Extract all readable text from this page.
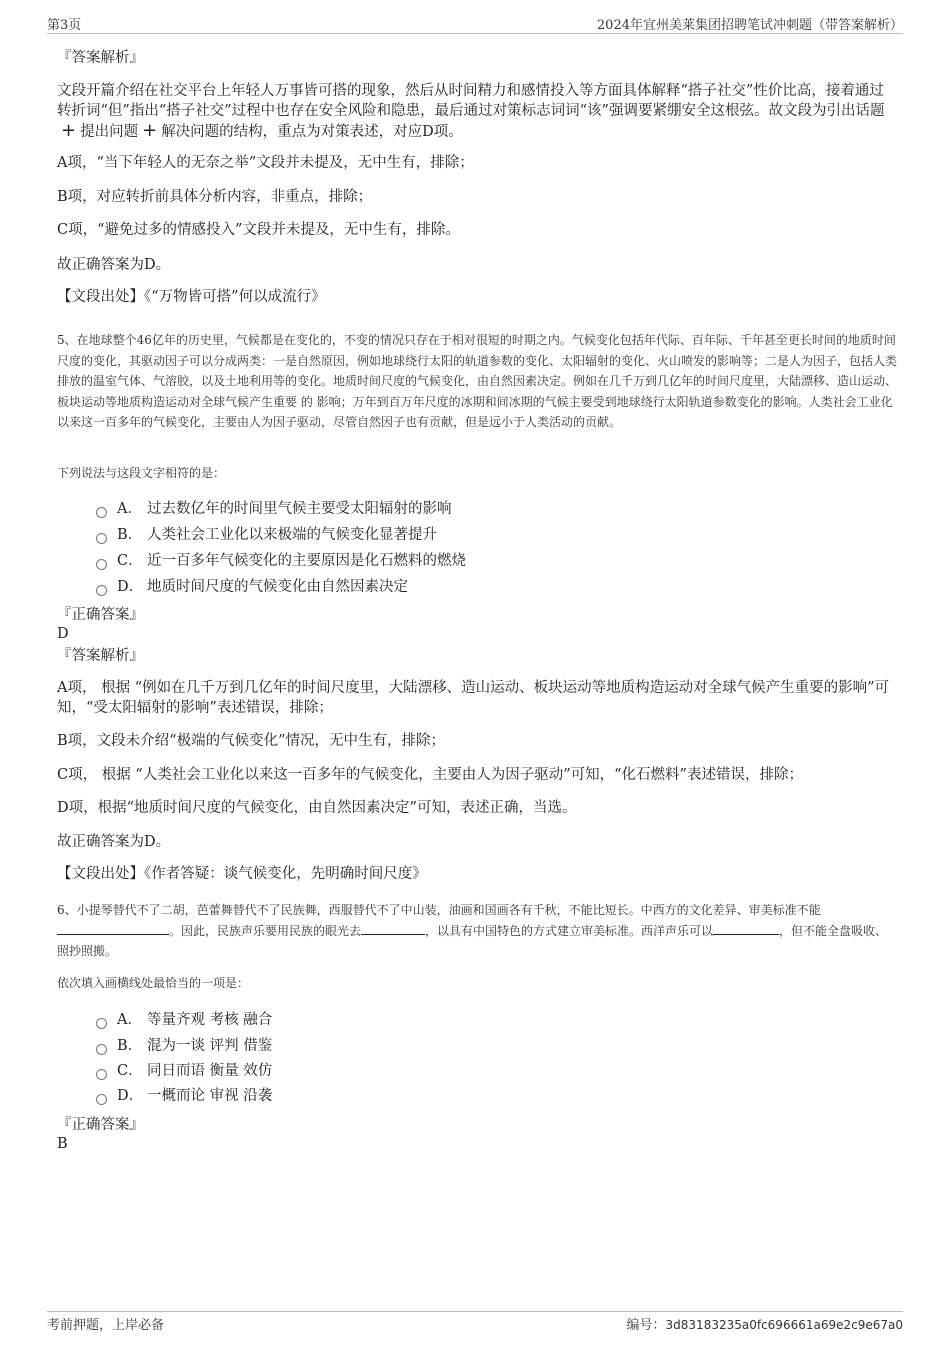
第3页	2024年宜州美莱集团招聘笔试冲刺题（带答案解析）
『答案解析』
文段开篇介绍在社交平台上年轻人万事皆可搭的现象，然后从时间精力和感情投入等方面具体解释“搭子社交”性价比高，接着通过转折词“但”指出“搭子社交”过程中也存在安全风险和隐患，最后通过对策标志词词“该”强调要紧绷安全这根弦。故文段为引出话题+ 提出问题 + 解决问题的结构，重点为对策表述，对应D项。
A项，“当下年轻人的无奈之举”文段并未提及，无中生有，排除；
B项，对应转折前具体分析内容，非重点，排除；
C项，“避免过多的情感投入”文段并未提及，无中生有，排除。
故正确答案为D。
【文段出处】《“万物皆可搭”何以成流行》
5、在地球整个46亿年的历史里，气候都是在变化的，不变的情况只存在于相对很短的时期之内。气候变化包括年代际、百年际、千年甚至更长时间的地质时间尺度的变化，其驱动因子可以分成两类：一是自然原因，例如地球绕行太阳的轨道参数的变化、太阳辐射的变化、火山喷发的影响等；二是人为因子，包括人类排放的温室气体、气溶胶，以及土地利用等的变化。地质时间尺度的气候变化，由自然因素决定。例如在几千万到几亿年的时间尺度里，大陆漂移、造山运动、板块运动等地质构造运动对全球气候产生重要 的 影响；万年到百万年尺度的冰期和间冰期的气候主要受到地球绕行太阳轨道参数变化的影响。人类社会工业化以来这一百多年的气候变化，主要由人为因子驱动，尽管自然因子也有贡献，但是远小于人类活动的贡献。
下列说法与这段文字相符的是：
A． 过去数亿年的时间里气候主要受太阳辐射的影响
B． 人类社会工业化以来极端的气候变化显著提升
C． 近一百多年气候变化的主要原因是化石燃料的燃烧
D． 地质时间尺度的气候变化由自然因素决定
『正确答案』
D
『答案解析』
A项， 根据 “例如在几千万到几亿年的时间尺度里，大陆漂移、造山运动、板块运动等地质构造运动对全球气候产生重要的影响”可知，“受太阳辐射的影响”表述错误，排除；
B项，文段未介绍“极端的气候变化”情况，无中生有，排除；
C项， 根据 “人类社会工业化以来这一百多年的气候变化，主要由人为因子驱动”可知，“化石燃料”表述错误，排除；
D项，根据“地质时间尺度的气候变化，由自然因素决定”可知，表述正确，当选。
故正确答案为D。
【文段出处】《作者答疑：谈气候变化，先明确时间尺度》
6、小提琴替代不了二胡，芭蕾舞替代不了民族舞，西服替代不了中山装，油画和国画各有千秋，不能比短长。中西方的文化差异、审美标准不能。因此，民族声乐要用民族的眼光去	，以具有中国特色的方式建立审美标准。西洋声乐可以	，但不能全盘吸收、照抄照搬。
依次填入画横线处最恰当的一项是：
A． 等量齐观 考核 融合
B． 混为一谈 评判 借鉴
C． 同日而语 衡量 效仿
D． 一概而论 审视 沿袭
『正确答案』
B
考前押题，上岸必备	编号：3d83183235a0fc696661a69e2c9e67a0
